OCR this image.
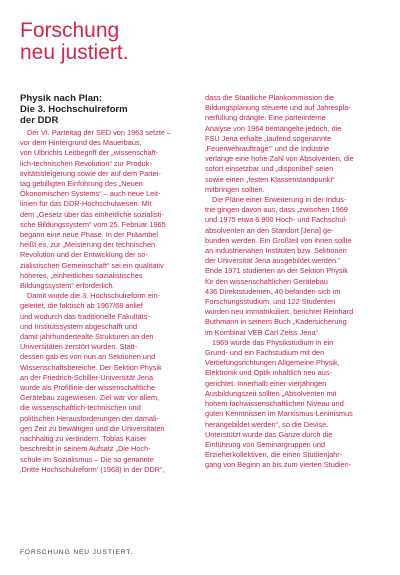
Forschung
neu justiert.
Physik nach Plan:
Die 3. Hochschulreform
der DDR
Der VI. Parteitag der SED von 1963 setzte –
vor dem Hintergrund des Mauerbaus,
von Ulbrichts Leitbegriff der „wissenschaft-
lich-technischen Revolution“ zur Produk-
tivitätssteigerung sowie der auf dem Partei-
tag gebilligten Einführung des „Neuen
Ökonomischen Systems“ – auch neue Leit-
linien für das DDR-Hochschulwesen. Mit
dem „Gesetz über das einheitliche sozialisti-
sche Bildungssystem“ vom 25. Februar 1965
begann eine neue Phase. In der Präambel
heißt es, zur „Meisterung der technischen
Revolution und der Entwicklung der so-
zialistischen Gemeinschaft“ sei ein qualitativ
höheres, „einheitliches sozialistisches
Bildungssystem“ erforderlich.
Damit wurde die 3. Hochschulreform ein-
geleitet, die faktisch ab 1967/68 anlief
und wodurch das traditionelle Fakultäts-
und Institutssystem abgeschafft und
damit jahrhundertealte Strukturen an den
Universitäten zerstört wurden. Statt-
dessen gab es von nun an Sektionen und
Wissenschaftsbereiche. Der Sektion Physik
an der Friedrich-Schiller-Universität Jena
wurde als Profillinie der wissenschaftliche
Gerätebau zugewiesen. Ziel war vor allem,
die wissenschaftlich-technischen und
politischen Herausforderungen der damali-
gen Zeit zu bewältigen und die Universitäten
nachhaltig zu verändern. Tobias Kaiser
beschreibt in seinem Aufsatz „Die Hoch-
schule im Sozialismus – Die so genannte
‚Dritte Hochschulreform‘ (1968) in der DDR“,
dass die Staatliche Plankommission die
Bildungsplanung steuerte und auf Jahrespla-
nerfüllung drängte. Eine parteiinterne
Analyse von 1964 bemängelte jedoch, die
FSU Jena erhalte „laufend sogenannte
‚Feuerwehraufträge‘“ und die Industrie
verlange eine hohe Zahl von Absolventen, die
sofort einsetzbar und „disponibel“ seien
sowie einen „festen Klassenstandpunkt“
mitbringen sollten.
Die Pläne einer Erweiterung in der Indus-
trie gingen davon aus, dass „zwischen 1969
und 1975 etwa 6.900 Hoch- und Fachschul-
absolventen an den Standort [Jena] ge-
bunden werden. Ein Großteil von ihnen sollte
an industrienahen Instituten bzw. Sektionen
der Universität Jena ausgebildet werden.“
Ende 1971 studierten an der Sektion Physik
für den wissenschaftlichen Gerätebau
436 Direktstudenten, 40 befanden sich im
Forschungsstudium, und 122 Studenten
wurden neu immatrikuliert, berichtet Reinhard
Buthmann in seinem Buch „Kadersicherung
im Kombinat VEB Carl Zeiss Jena“.
1969 wurde das Physikstudium in ein
Grund- und ein Fachstudium mit den
Vertiefungsrichtungen Allgemeine Physik,
Elektronik und Optik inhaltlich neu aus-
gerichtet. Innerhalb einer vierjährigen
Ausbildungszeit sollten „Absolventen mit
hohem fachwissenschaftlichen Niveau und
guten Kenntnissen im Marxismus-Leninismus
herangebildet werden“, so die Devise.
Unterstützt wurde das Ganze durch die
Einführung von Seminargruppen und
Erzieherkollektiven, die einen Studienjahr-
gang von Beginn an bis zum vierten Studien-

FORSCHUNG NEU JUSTIERT.
